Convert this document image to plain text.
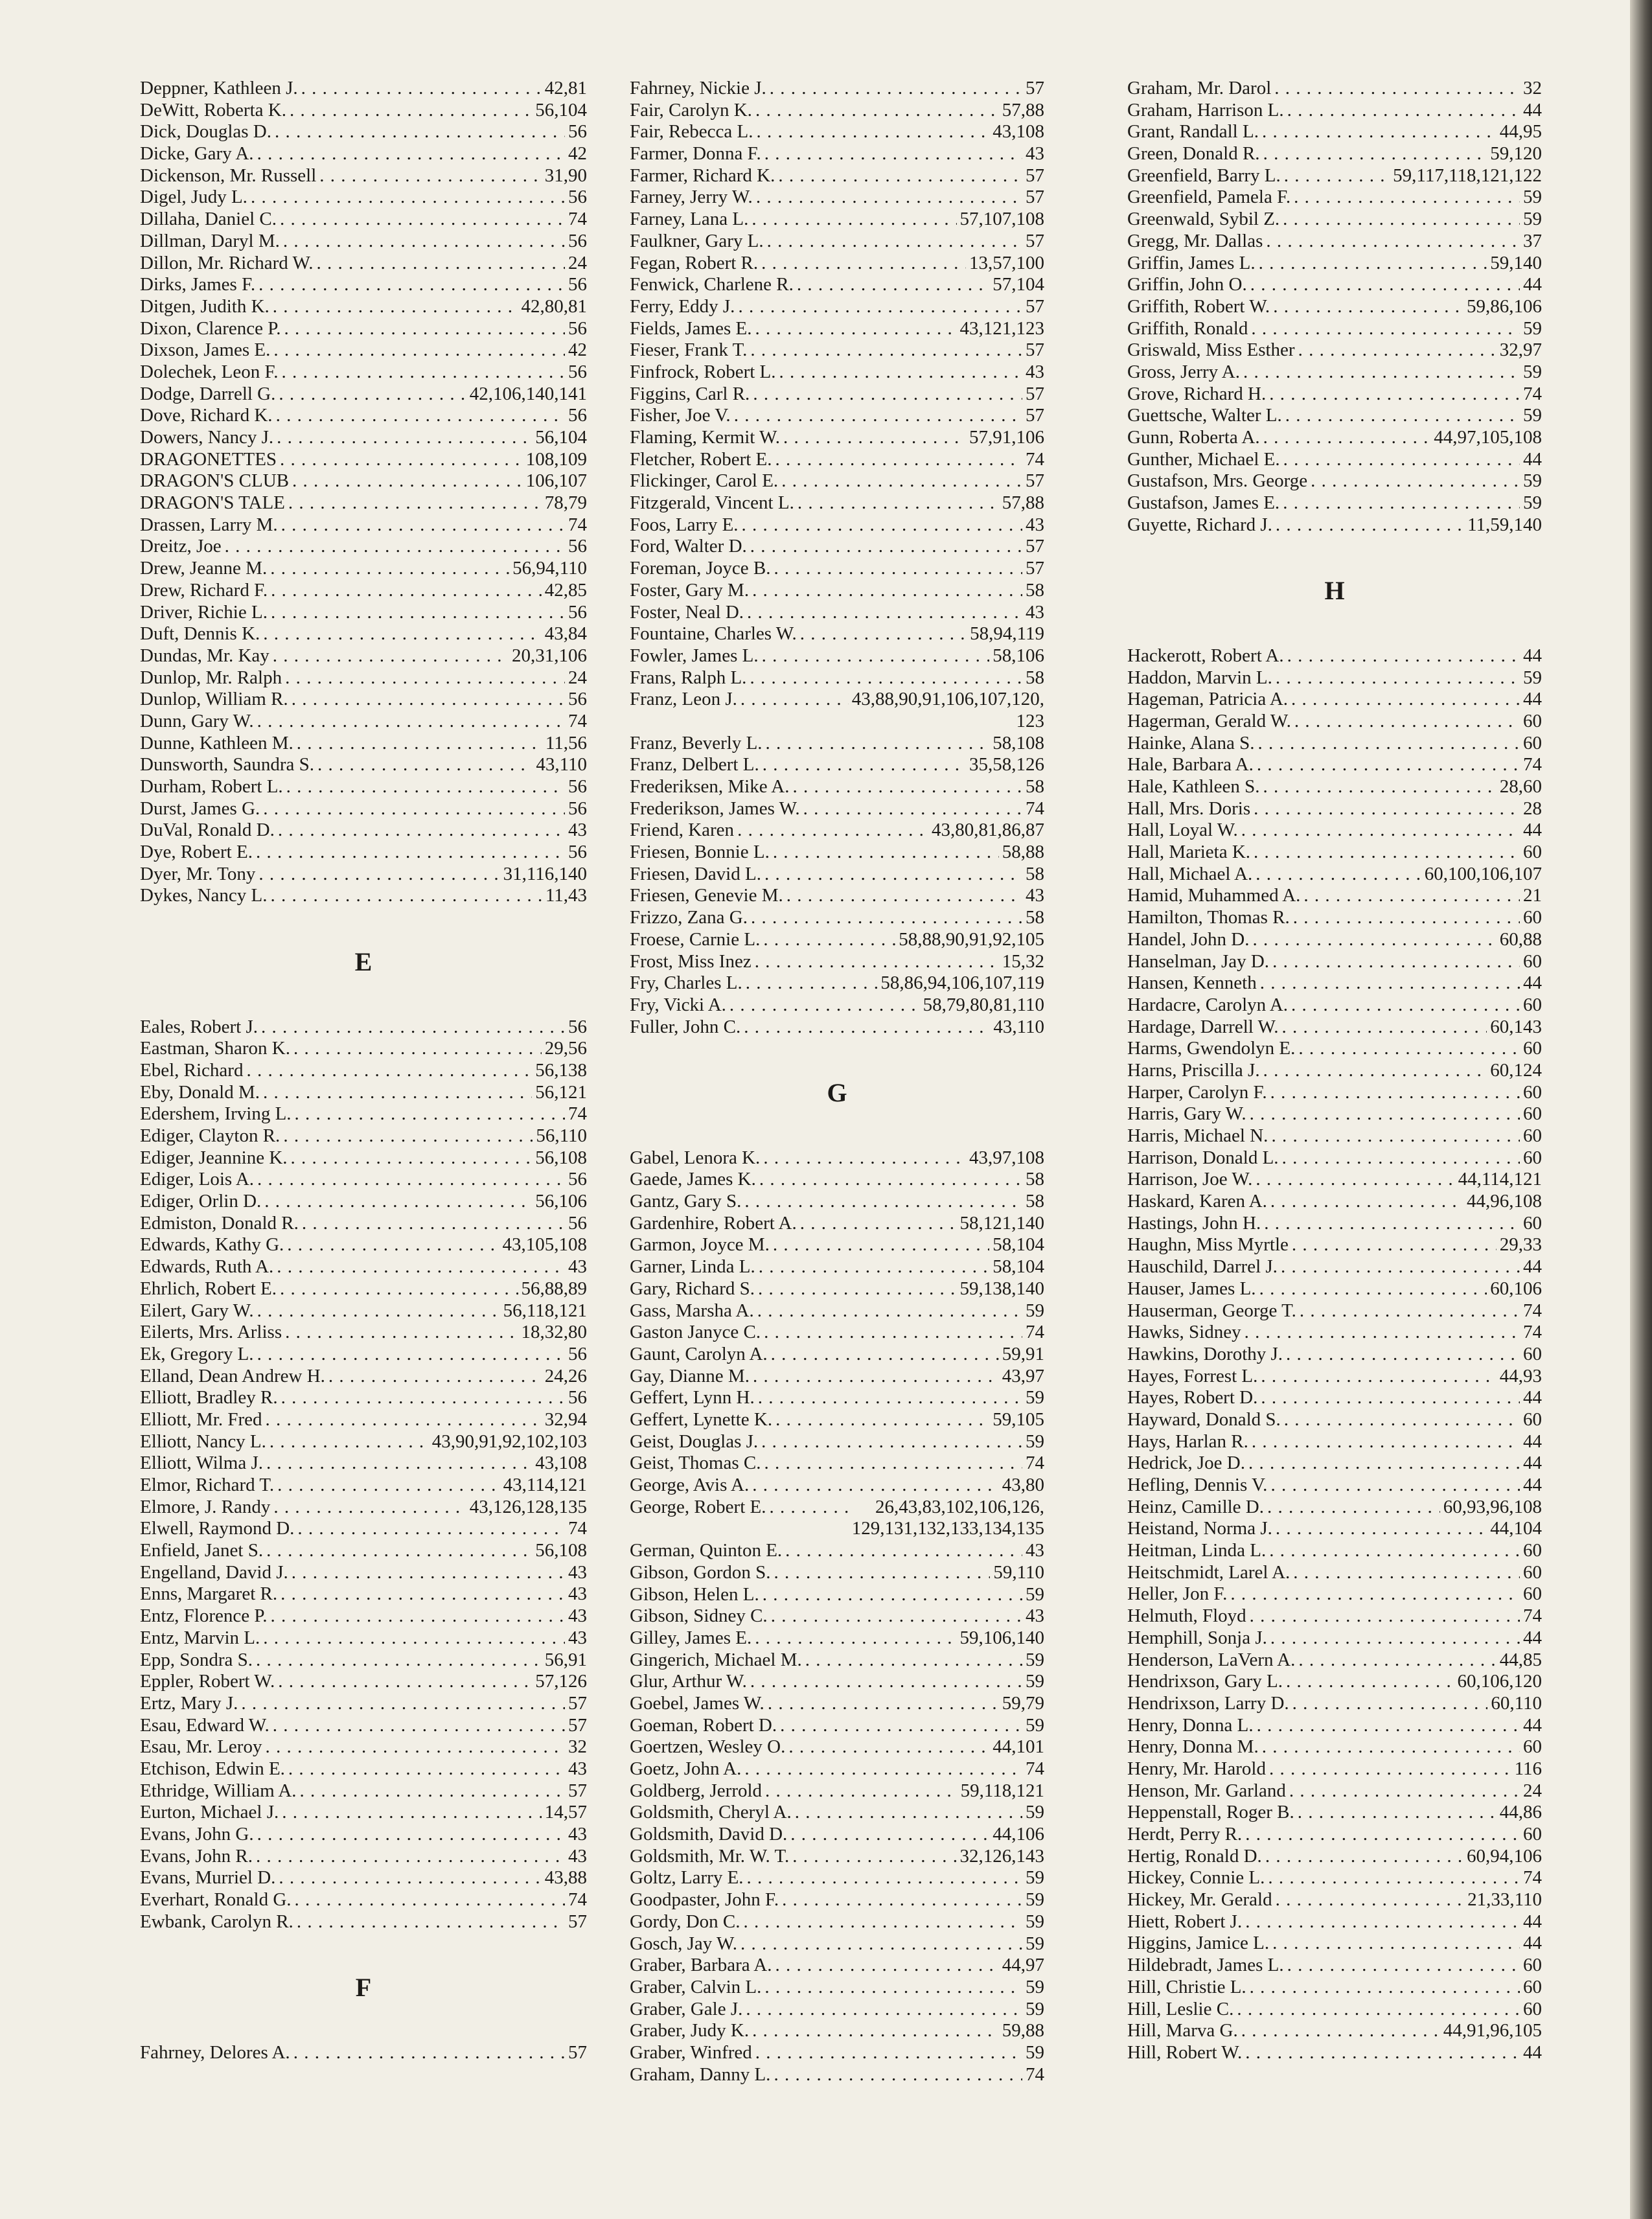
Deppner, Kathleen J. . . .	42,81
DeWitt, Roberta K. . . .	56,104
Dick, Douglas D. . . .	56
Dicke, Gary A. . . .	42
Dickenson, Mr. Russell . . .	31,90
Digel, Judy L. . . .	56
Dillaha, Daniel C. . . .	74
Dillman, Daryl M. . . .	56
Dillon, Mr. Richard W. . . .	24
Dirks, James F. . . .	56
Ditgen, Judith K. . . .	42,80,81
Dixon, Clarence P. . . .	56
Dixson, James E. . . .	42
Dolechek, Leon F. . . .	56
Dodge, Darrell G. . . .	42,106,140,141
Dove, Richard K. . . .	56
Dowers, Nancy J. . . .	56,104
DRAGONETTES . . .	108,109
DRAGON'S CLUB . . .	106,107
DRAGON'S TALE . . .	78,79
Drassen, Larry M. . . .	74
Dreitz, Joe . . .	56
Drew, Jeanne M. . . .	56,94,110
Drew, Richard F. . . .	42,85
Driver, Richie L. . . .	56
Duft, Dennis K. . . .	43,84
Dundas, Mr. Kay . . .	20,31,106
Dunlop, Mr. Ralph . . .	24
Dunlop, William R. . . .	56
Dunn, Gary W. . . .	74
Dunne, Kathleen M. . . .	11,56
Dunsworth, Saundra S. . . .	43,110
Durham, Robert L. . . .	56
Durst, James G. . . .	56
DuVal, Ronald D. . . .	43
Dye, Robert E. . . .	56
Dyer, Mr. Tony . . .	31,116,140
Dykes, Nancy L. . . .	11,43
E
Eales, Robert J. . . .	56
Eastman, Sharon K. . . .	29,56
Ebel, Richard . . .	56,138
Eby, Donald M. . . .	56,121
Edershem, Irving L. . . .	74
Ediger, Clayton R. . . .	56,110
Ediger, Jeannine K. . . .	56,108
Ediger, Lois A. . . .	56
Ediger, Orlin D. . . .	56,106
Edmiston, Donald R. . . .	56
Edwards, Kathy G. . . .	43,105,108
Edwards, Ruth A. . . .	43
Ehrlich, Robert E. . . .	56,88,89
Eilert, Gary W. . . .	56,118,121
Eilerts, Mrs. Arliss . . .	18,32,80
Ek, Gregory L. . . .	56
Elland, Dean Andrew H. . . .	24,26
Elliott, Bradley R. . . .	56
Elliott, Mr. Fred . . .	32,94
Elliott, Nancy L. . . .	43,90,91,92,102,103
Elliott, Wilma J. . . .	43,108
Elmor, Richard T. . . .	43,114,121
Elmore, J. Randy . . .	43,126,128,135
Elwell, Raymond D. . . .	74
Enfield, Janet S. . . .	56,108
Engelland, David J. . . .	43
Enns, Margaret R. . . .	43
Entz, Florence P. . . .	43
Entz, Marvin L. . . .	43
Epp, Sondra S. . . .	56,91
Eppler, Robert W. . . .	57,126
Ertz, Mary J. . . .	57
Esau, Edward W. . . .	57
Esau, Mr. Leroy . . .	32
Etchison, Edwin E. . . .	43
Ethridge, William A. . . .	57
Eurton, Michael J. . . .	14,57
Evans, John G. . . .	43
Evans, John R. . . .	43
Evans, Murriel D. . . .	43,88
Everhart, Ronald G. . . .	74
Ewbank, Carolyn R. . . .	57
F
Fahrney, Delores A. . . .	57
Fahrney, Nickie J. . . .	57
Fair, Carolyn K. . . .	57,88
Fair, Rebecca L. . . .	43,108
Farmer, Donna F. . . .	43
Farmer, Richard K. . . .	57
Farney, Jerry W. . . .	57
Farney, Lana L. . . .	57,107,108
Faulkner, Gary L. . . .	57
Fegan, Robert R. . . .	13,57,100
Fenwick, Charlene R. . . .	57,104
Ferry, Eddy J. . . .	57
Fields, James E. . . .	43,121,123
Fieser, Frank T. . . .	57
Finfrock, Robert L. . . .	43
Figgins, Carl R. . . .	57
Fisher, Joe V. . . .	57
Flaming, Kermit W. . . .	57,91,106
Fletcher, Robert E. . . .	74
Flickinger, Carol E. . . .	57
Fitzgerald, Vincent L. . . .	57,88
Foos, Larry E. . . .	43
Ford, Walter D. . . .	57
Foreman, Joyce B. . . .	57
Foster, Gary M. . . .	58
Foster, Neal D. . . .	43
Fountaine, Charles W. . . .	58,94,119
Fowler, James L. . . .	58,106
Frans, Ralph L. . . .	58
Franz, Leon J. . . .	43,88,90,91,106,107,120,
123
Franz, Beverly L. . . .	58,108
Franz, Delbert L. . . .	35,58,126
Frederiksen, Mike A. . . .	58
Frederikson, James W. . . .	74
Friend, Karen . . .	43,80,81,86,87
Friesen, Bonnie L. . . .	58,88
Friesen, David L. . . .	58
Friesen, Genevie M. . . .	43
Frizzo, Zana G. . . .	58
Froese, Carnie L. . . .	58,88,90,91,92,105
Frost, Miss Inez . . .	15,32
Fry, Charles L. . . .	58,86,94,106,107,119
Fry, Vicki A. . . .	58,79,80,81,110
Fuller, John C. . . .	43,110
G
Gabel, Lenora K. . . .	43,97,108
Gaede, James K. . . .	58
Gantz, Gary S. . . .	58
Gardenhire, Robert A. . . .	58,121,140
Garmon, Joyce M. . . .	58,104
Garner, Linda L. . . .	58,104
Gary, Richard S. . . .	59,138,140
Gass, Marsha A. . . .	59
Gaston Janyce C. . . .	74
Gaunt, Carolyn A. . . .	59,91
Gay, Dianne M. . . .	43,97
Geffert, Lynn H. . . .	59
Geffert, Lynette K. . . .	59,105
Geist, Douglas J. . . .	59
Geist, Thomas C. . . .	74
George, Avis A. . . .	43,80
George, Robert E. . . .	26,43,83,102,106,126,
129,131,132,133,134,135
German, Quinton E. . . .	43
Gibson, Gordon S. . . .	59,110
Gibson, Helen L. . . .	59
Gibson, Sidney C. . . .	43
Gilley, James E. . . .	59,106,140
Gingerich, Michael M. . . .	59
Glur, Arthur W. . . .	59
Goebel, James W. . . .	59,79
Goeman, Robert D. . . .	59
Goertzen, Wesley O. . . .	44,101
Goetz, John A. . . .	74
Goldberg, Jerrold . . .	59,118,121
Goldsmith, Cheryl A. . . .	59
Goldsmith, David D. . . .	44,106
Goldsmith, Mr. W. T. . . .	32,126,143
Goltz, Larry E. . . .	59
Goodpaster, John F. . . .	59
Gordy, Don C. . . .	59
Gosch, Jay W. . . .	59
Graber, Barbara A. . . .	44,97
Graber, Calvin L. . . .	59
Graber, Gale J. . . .	59
Graber, Judy K. . . .	59,88
Graber, Winfred . . .	59
Graham, Danny L. . . .	74
Graham, Mr. Darol . . .	32
Graham, Harrison L. . . .	44
Grant, Randall L. . . .	44,95
Green, Donald R. . . .	59,120
Greenfield, Barry L. . . .	59,117,118,121,122
Greenfield, Pamela F. . . .	59
Greenwald, Sybil Z. . . .	59
Gregg, Mr. Dallas . . .	37
Griffin, James L. . . .	59,140
Griffin, John O. . . .	44
Griffith, Robert W. . . .	59,86,106
Griffith, Ronald . . .	59
Griswald, Miss Esther . . .	32,97
Gross, Jerry A. . . .	59
Grove, Richard H. . . .	74
Guettsche, Walter L. . . .	59
Gunn, Roberta A. . . .	44,97,105,108
Gunther, Michael E. . . .	44
Gustafson, Mrs. George . . .	59
Gustafson, James E. . . .	59
Guyette, Richard J. . . .	11,59,140
H
Hackerott, Robert A. . . .	44
Haddon, Marvin L. . . .	59
Hageman, Patricia A. . . .	44
Hagerman, Gerald W. . . .	60
Hainke, Alana S. . . .	60
Hale, Barbara A. . . .	74
Hale, Kathleen S. . . .	28,60
Hall, Mrs. Doris . . .	28
Hall, Loyal W. . . .	44
Hall, Marieta K. . . .	60
Hall, Michael A. . . .	60,100,106,107
Hamid, Muhammed A. . . .	21
Hamilton, Thomas R. . . .	60
Handel, John D. . . .	60,88
Hanselman, Jay D. . . .	60
Hansen, Kenneth . . .	44
Hardacre, Carolyn A. . . .	60
Hardage, Darrell W. . . .	60,143
Harms, Gwendolyn E. . . .	60
Harns, Priscilla J. . . .	60,124
Harper, Carolyn F. . . .	60
Harris, Gary W. . . .	60
Harris, Michael N. . . .	60
Harrison, Donald L. . . .	60
Harrison, Joe W. . . .	44,114,121
Haskard, Karen A. . . .	44,96,108
Hastings, John H. . . .	60
Haughn, Miss Myrtle . . .	29,33
Hauschild, Darrel J. . . .	44
Hauser, James L. . . .	60,106
Hauserman, George T. . . .	74
Hawks, Sidney . . .	74
Hawkins, Dorothy J. . . .	60
Hayes, Forrest L. . . .	44,93
Hayes, Robert D. . . .	44
Hayward, Donald S. . . .	60
Hays, Harlan R. . . .	44
Hedrick, Joe D. . . .	44
Hefling, Dennis V. . . .	44
Heinz, Camille D. . . .	60,93,96,108
Heistand, Norma J. . . .	44,104
Heitman, Linda L. . . .	60
Heitschmidt, Larel A. . . .	60
Heller, Jon F. . . .	60
Helmuth, Floyd . . .	74
Hemphill, Sonja J. . . .	44
Henderson, LaVern A. . . .	44,85
Hendrixson, Gary L. . . .	60,106,120
Hendrixson, Larry D. . . .	60,110
Henry, Donna L. . . .	44
Henry, Donna M. . . .	60
Henry, Mr. Harold . . .	116
Henson, Mr. Garland . . .	24
Heppenstall, Roger B. . . .	44,86
Herdt, Perry R. . . .	60
Hertig, Ronald D. . . .	60,94,106
Hickey, Connie L. . . .	74
Hickey, Mr. Gerald . . .	21,33,110
Hiett, Robert J. . . .	44
Higgins, Jamice L. . . .	44
Hildebradt, James L. . . .	60
Hill, Christie L. . . .	60
Hill, Leslie C. . . .	60
Hill, Marva G. . . .	44,91,96,105
Hill, Robert W. . . .	44
